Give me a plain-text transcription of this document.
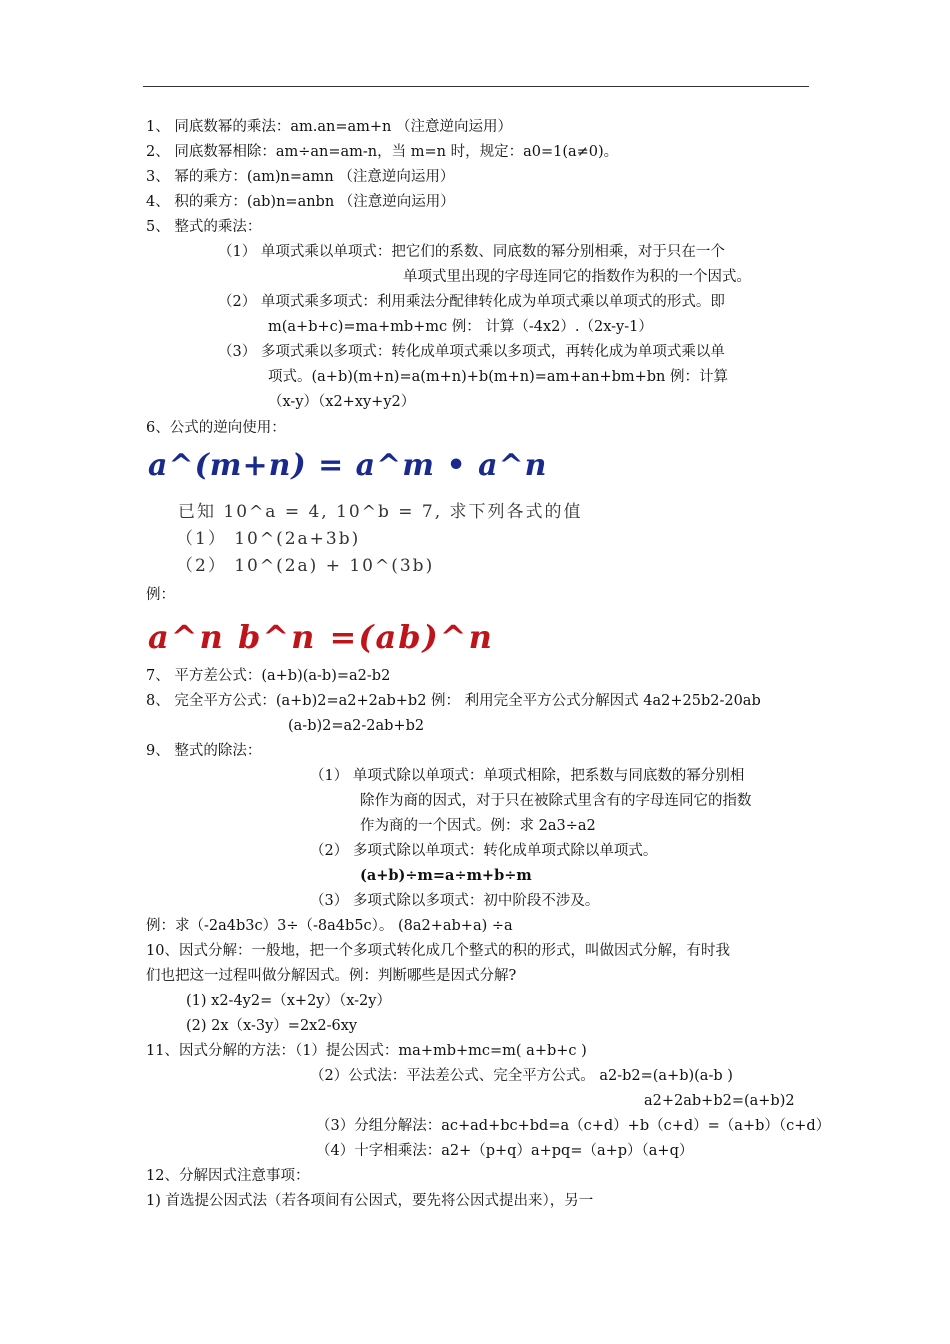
1、 同底数幂的乘法：am.an=am+n （注意逆向运用）
2、 同底数幂相除：am÷an=am-n，当 m=n 时，规定：a0=1(a≠0)。
3、 幂的乘方：(am)n=amn （注意逆向运用）
4、 积的乘方：(ab)n=anbn （注意逆向运用）
5、 整式的乘法：
（1） 单项式乘以单项式：把它们的系数、同底数的幂分别相乘，对于只在一个
单项式里出现的字母连同它的指数作为积的一个因式。
（2） 单项式乘多项式：利用乘法分配律转化成为单项式乘以单项式的形式。即
m(a+b+c)=ma+mb+mc 例： 计算（-4x2）.（2x-y-1）
（3） 多项式乘以多项式：转化成单项式乘以多项式，再转化成为单项式乘以单
项式。(a+b)(m+n)=a(m+n)+b(m+n)=am+an+bm+bn 例：计算
（x-y）（x2+xy+y2）
6、公式的逆向使用：
a^(m+n) = a^m • a^n
已知 10^a = 4, 10^b = 7, 求下列各式的值
（1） 10^(2a+3b)
（2） 10^(2a) + 10^(3b)
例：
a^n b^n =(ab)^n
7、 平方差公式：(a+b)(a-b)=a2-b2
8、 完全平方公式：(a+b)2=a2+2ab+b2 例： 利用完全平方公式分解因式 4a2+25b2-20ab
(a-b)2=a2-2ab+b2
9、 整式的除法：
（1） 单项式除以单项式：单项式相除，把系数与同底数的幂分别相
除作为商的因式，对于只在被除式里含有的字母连同它的指数
作为商的一个因式。例：求 2a3÷a2
（2） 多项式除以单项式：转化成单项式除以单项式。
(a+b)÷m=a÷m+b÷m
（3） 多项式除以多项式：初中阶段不涉及。
例：求（-2a4b3c）3÷（-8a4b5c）。 (8a2+ab+a) ÷a
10、因式分解：一般地，把一个多项式转化成几个整式的积的形式，叫做因式分解，有时我
们也把这一过程叫做分解因式。例：判断哪些是因式分解?
(1) x2-4y2=（x+2y）（x-2y）
(2) 2x（x-3y）=2x2-6xy
11、因式分解的方法：（1）提公因式：ma+mb+mc=m( a+b+c )
（2）公式法：平法差公式、完全平方公式。 a2-b2=(a+b)(a-b )
a2+2ab+b2=(a+b)2
（3）分组分解法：ac+ad+bc+bd=a（c+d）+b（c+d）=（a+b）（c+d）
（4）十字相乘法：a2+（p+q）a+pq=（a+p）（a+q）
12、分解因式注意事项：
1) 首选提公因式法（若各项间有公因式，要先将公因式提出来），另一
